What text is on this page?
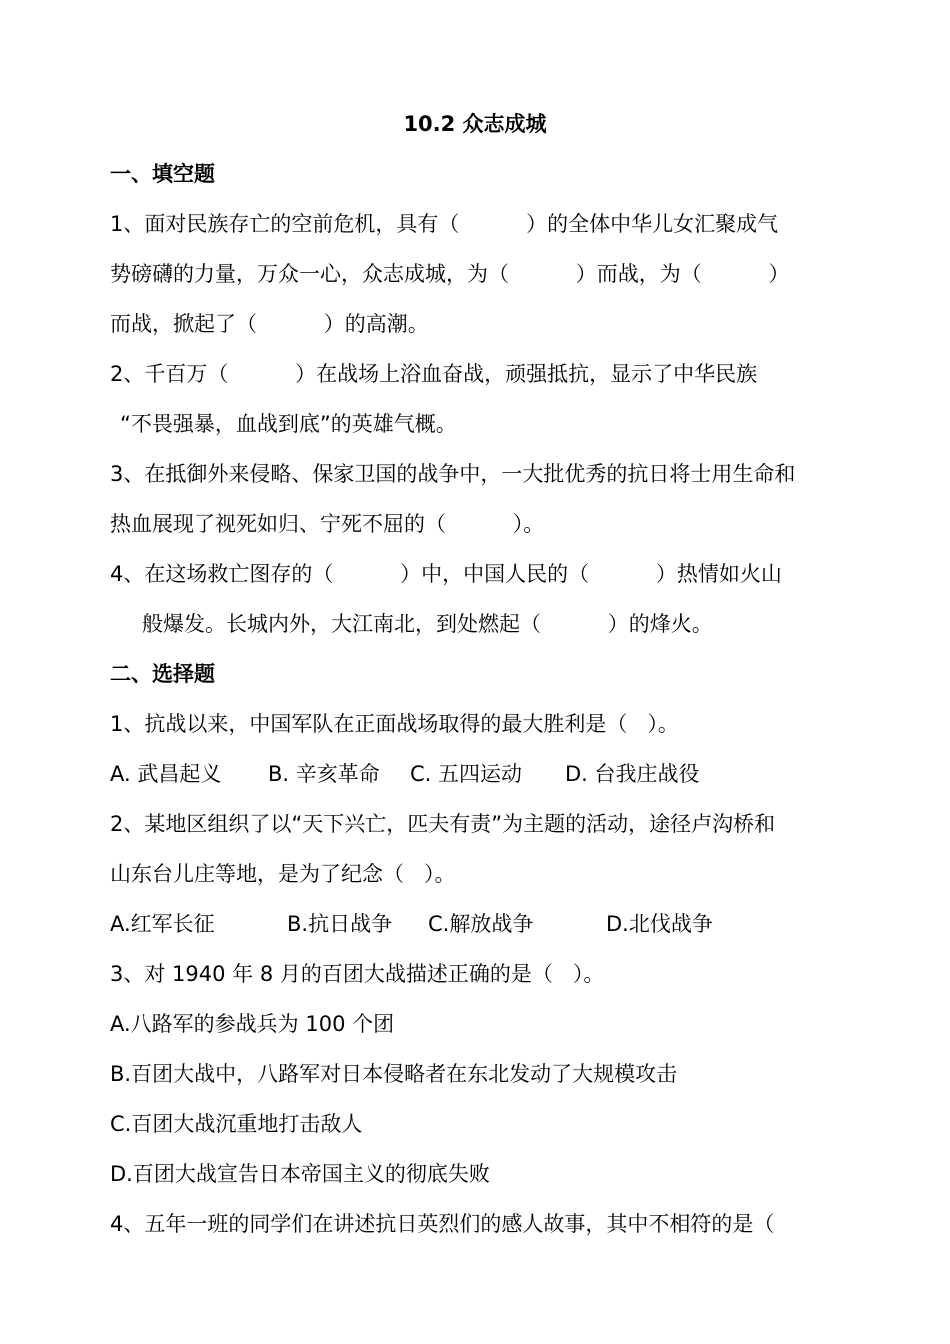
10.2 众志成城
一、填空题
1、面对民族存亡的空前危机，具有（          ）的全体中华儿女汇聚成气
势磅礴的力量，万众一心，众志成城，为（          ）而战，为（          ）
而战，掀起了（          ）的高潮。
2、千百万（          ）在战场上浴血奋战，顽强抵抗，显示了中华民族
“不畏强暴，血战到底”的英雄气概。
3、在抵御外来侵略、保家卫国的战争中，一大批优秀的抗日将士用生命和
热血展现了视死如归、宁死不屈的（          ）。
4、在这场救亡图存的（          ）中，中国人民的（          ）热情如火山
般爆发。长城内外，大江南北，到处燃起（          ）的烽火。
二、选择题
1、抗战以来，中国军队在正面战场取得的最大胜利是（   ）。
A. 武昌起义 B. 辛亥革命 C. 五四运动 D. 台我庄战役
2、某地区组织了以“天下兴亡，匹夫有责”为主题的活动，途径卢沟桥和
山东台儿庄等地，是为了纪念（   ）。
A.红军长征	B.抗日战争 C.解放战争	D.北伐战争
3、对 1940 年 8 月的百团大战描述正确的是（   ）。
A.八路军的参战兵为 100 个团
B.百团大战中，八路军对日本侵略者在东北发动了大规模攻击
C.百团大战沉重地打击敌人
D.百团大战宣告日本帝国主义的彻底失败
4、五年一班的同学们在讲述抗日英烈们的感人故事，其中不相符的是（
